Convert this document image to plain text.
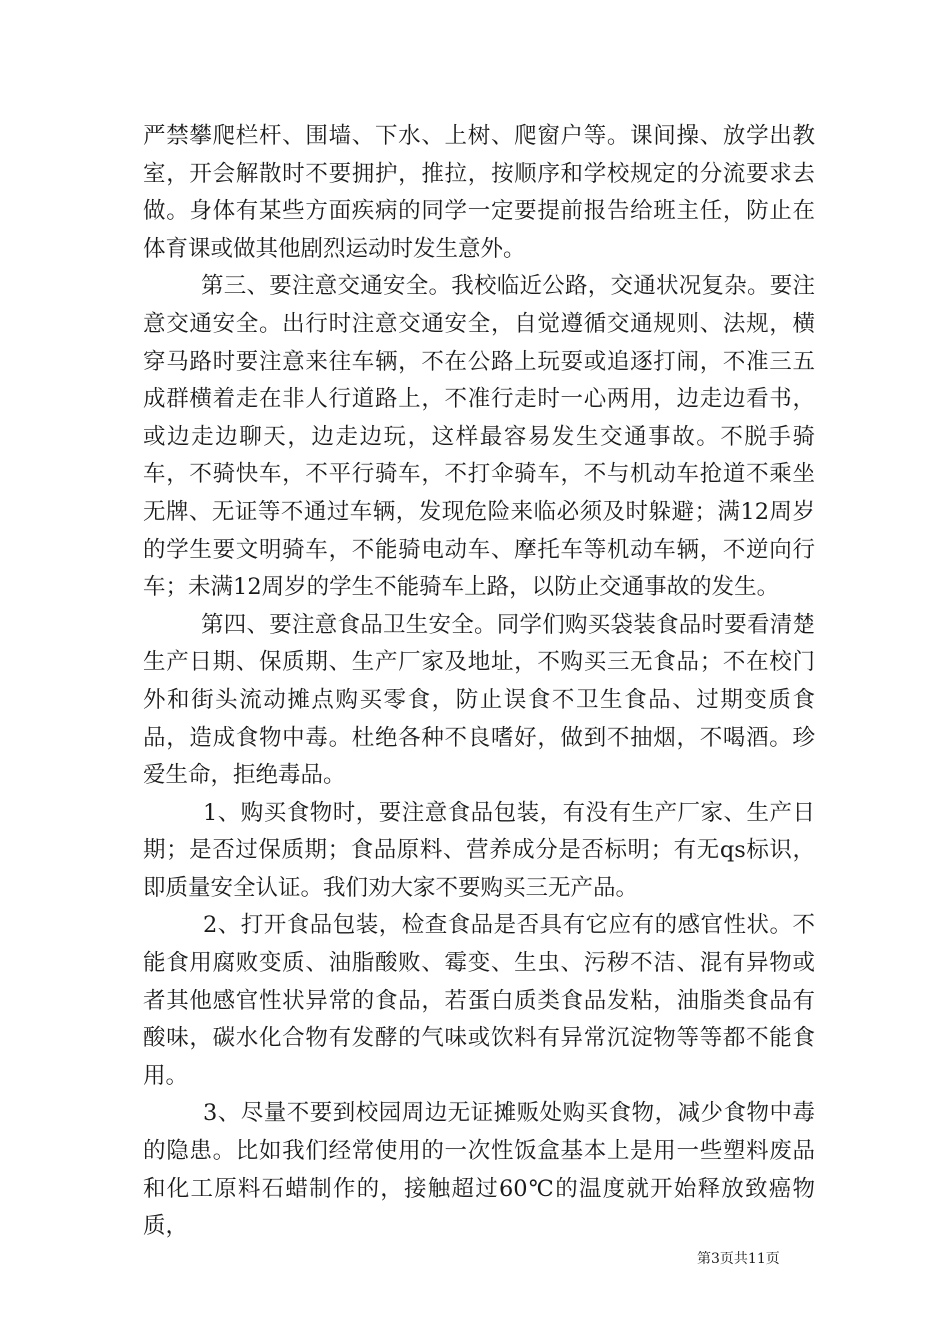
严禁攀爬栏杆、围墙、下水、上树、爬窗户等。课间操、放学出教室，开会解散时不要拥护，推拉，按顺序和学校规定的分流要求去做。身体有某些方面疾病的同学一定要提前报告给班主任，防止在体育课或做其他剧烈运动时发生意外。

第三、要注意交通安全。我校临近公路，交通状况复杂。要注意交通安全。出行时注意交通安全，自觉遵循交通规则、法规，横穿马路时要注意来往车辆，不在公路上玩耍或追逐打闹，不准三五成群横着走在非人行道路上，不准行走时一心两用，边走边看书，或边走边聊天，边走边玩，这样最容易发生交通事故。不脱手骑车，不骑快车，不平行骑车，不打伞骑车，不与机动车抢道不乘坐无牌、无证等不通过车辆，发现危险来临必须及时躲避；满12周岁的学生要文明骑车，不能骑电动车、摩托车等机动车辆，不逆向行车；未满12周岁的学生不能骑车上路，以防止交通事故的发生。

第四、要注意食品卫生安全。同学们购买袋装食品时要看清楚生产日期、保质期、生产厂家及地址，不购买三无食品；不在校门外和街头流动摊点购买零食，防止误食不卫生食品、过期变质食品，造成食物中毒。杜绝各种不良嗜好，做到不抽烟，不喝酒。珍爱生命，拒绝毒品。

1、购买食物时，要注意食品包装，有没有生产厂家、生产日期；是否过保质期；食品原料、营养成分是否标明；有无qs标识，即质量安全认证。我们劝大家不要购买三无产品。

2、打开食品包装，检查食品是否具有它应有的感官性状。不能食用腐败变质、油脂酸败、霉变、生虫、污秽不洁、混有异物或者其他感官性状异常的食品，若蛋白质类食品发粘，油脂类食品有酸味，碳水化合物有发酵的气味或饮料有异常沉淀物等等都不能食用。

3、尽量不要到校园周边无证摊贩处购买食物，减少食物中毒的隐患。比如我们经常使用的一次性饭盒基本上是用一些塑料废品和化工原料石蜡制作的，接触超过60℃的温度就开始释放致癌物质，

第3页共11页
